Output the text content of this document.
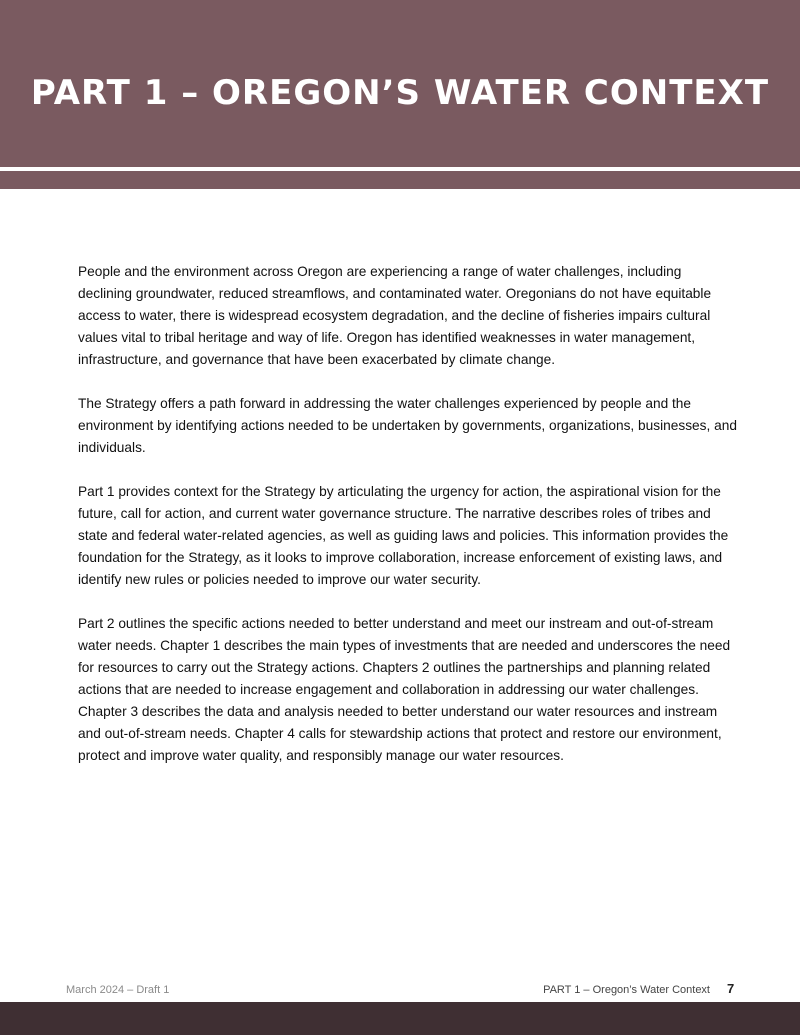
PART 1 – OREGON’S WATER CONTEXT

People and the environment across Oregon are experiencing a range of water challenges, including declining groundwater, reduced streamflows, and contaminated water. Oregonians do not have equitable access to water, there is widespread ecosystem degradation, and the decline of fisheries impairs cultural values vital to tribal heritage and way of life. Oregon has identified weaknesses in water management, infrastructure, and governance that have been exacerbated by climate change.

The Strategy offers a path forward in addressing the water challenges experienced by people and the environment by identifying actions needed to be undertaken by governments, organizations, businesses, and individuals.

Part 1 provides context for the Strategy by articulating the urgency for action, the aspirational vision for the future, call for action, and current water governance structure. The narrative describes roles of tribes and state and federal water-related agencies, as well as guiding laws and policies. This information provides the foundation for the Strategy, as it looks to improve collaboration, increase enforcement of existing laws, and identify new rules or policies needed to improve our water security.

Part 2 outlines the specific actions needed to better understand and meet our instream and out-of-stream water needs. Chapter 1 describes the main types of investments that are needed and underscores the need for resources to carry out the Strategy actions. Chapters 2 outlines the partnerships and planning related actions that are needed to increase engagement and collaboration in addressing our water challenges. Chapter 3 describes the data and analysis needed to better understand our water resources and instream and out-of-stream needs. Chapter 4 calls for stewardship actions that protect and restore our environment, protect and improve water quality, and responsibly manage our water resources.

March 2024 – Draft 1	PART 1 – Oregon’s Water Context 7
